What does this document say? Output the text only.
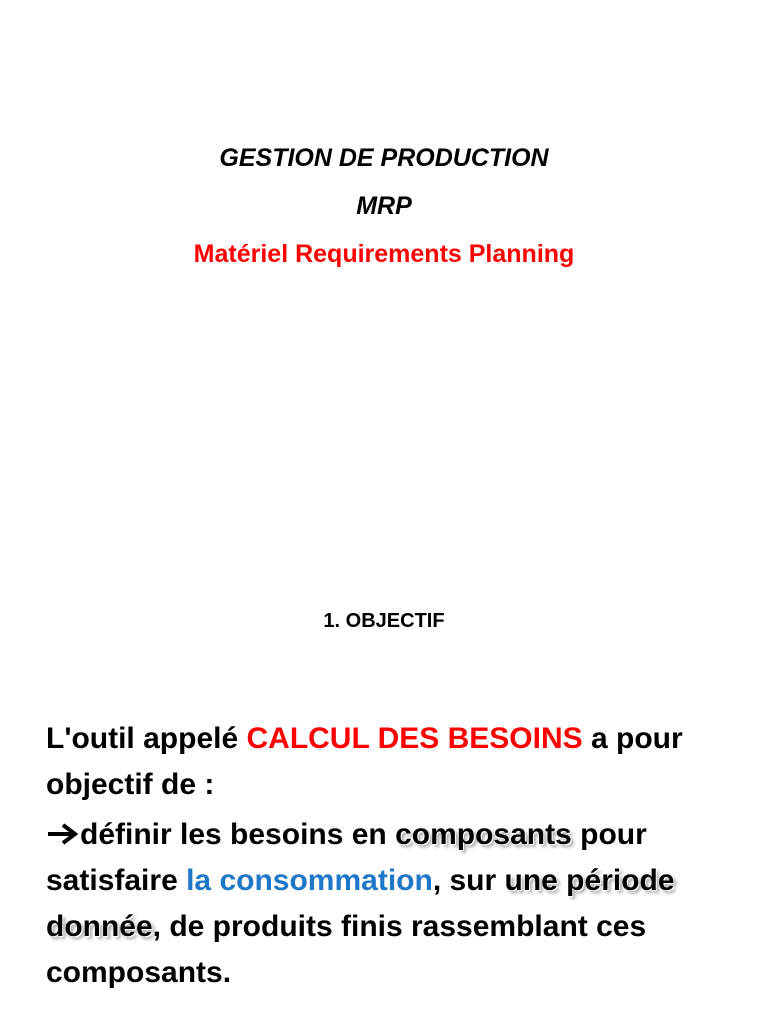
GESTION DE PRODUCTION
MRP
Matériel Requirements Planning
1. OBJECTIF

L'outil appelé CALCUL DES BESOINS a pour objectif de :

définir les besoins en composants pour satisfaire la consommation, sur une période donnée, de produits finis rassemblant ces composants.
